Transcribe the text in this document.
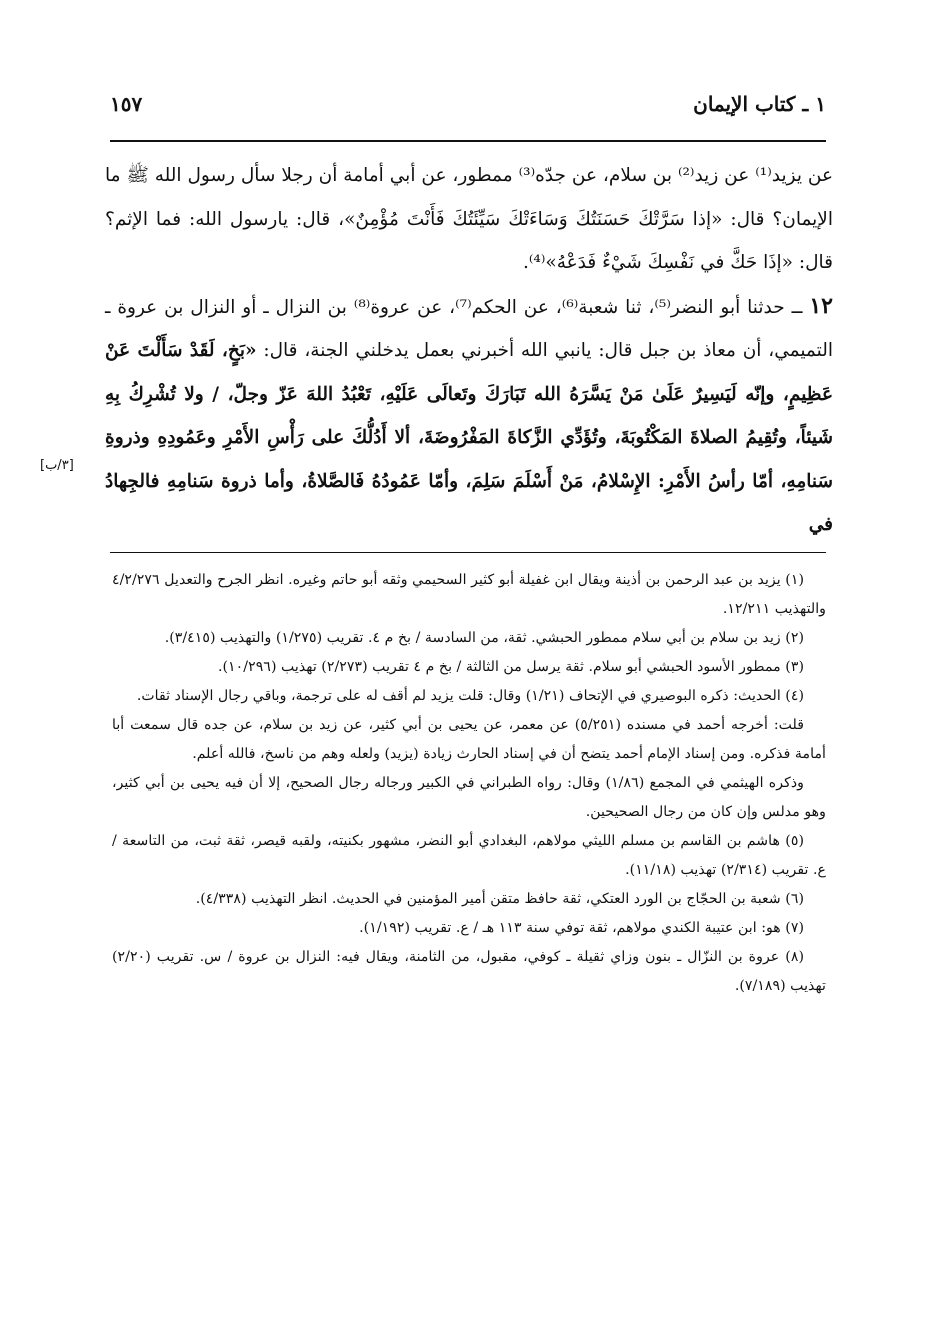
١ ـ كتاب الإيمان
١٥٧

عن يزيد⁽¹⁾ عن زيد⁽²⁾ بن سلام، عن جدّه⁽³⁾ ممطور، عن أبي أمامة أن رجلا سأل رسول الله ﷺ ما الإيمان؟ قال: «إذا سَرَّتْكَ حَسَنَتُكَ وَسَاءَتْكَ سَيِّئَتُكَ فَأَنْتَ مُؤْمِنٌ»، قال: يارسول الله: فما الإثم؟ قال: «إذَا حَكَّ في نَفْسِكَ شَيْءٌ فَدَعْهُ»⁽⁴⁾.

١٢ ــ حدثنا أبو النضر⁽⁵⁾، ثنا شعبة⁽⁶⁾، عن الحكم⁽⁷⁾، عن عروة⁽⁸⁾ بن النزال ـ أو النزال بن عروة ـ التميمي، أن معاذ بن جبل قال: يانبي الله أخبرني بعمل يدخلني الجنة، قال: «بَخٍ، لَقَدْ سَأَلْتَ عَنْ عَظِيمٍ، وإنّه لَيَسِيرٌ عَلَىٰ مَنْ يَسَّرَهُ الله تَبَارَكَ وتَعالَى عَلَيْهِ، تَعْبُدُ اللهَ عَزّ وجلّ، / ولا تُشْرِكُ بِهِ شَيئاً، وتُقِيمُ الصلاةَ المَكْتُوبَةَ، وتُؤَدِّي الزَّكاةَ المَفْرُوضَةَ، ألا أَدُلُّكَ على رَأْسِ الأَمْرِ وعَمُودِهِ وذروةِ سَنامِهِ، أمّا رأسُ الأَمْرِ: الإِسْلامُ، مَنْ أَسْلَمَ سَلِمَ، وأمّا عَمُودُهُ فَالصَّلاةُ، وأما ذروة سَنامِهِ فالجِهادُ في

[٣/ب]

(١) يزيد بن عبد الرحمن بن أذينة ويقال ابن غفيلة أبو كثير السحيمي وثقه أبو حاتم وغيره. انظر الجرح والتعديل ٤/٢/٢٧٦ والتهذيب ١٢/٢١١.

(٢) زيد بن سلام بن أبي سلام ممطور الحبشي. ثقة، من السادسة / بخ م ٤. تقريب (١/٢٧٥) والتهذيب (٣/٤١٥).

(٣) ممطور الأسود الحبشي أبو سلام. ثقة يرسل من الثالثة / بخ م ٤ تقريب (٢/٢٧٣) تهذيب (١٠/٢٩٦).

(٤) الحديث: ذكره البوصيري في الإتحاف (١/٢١) وقال: قلت يزيد لم أقف له على ترجمة، وباقي رجال الإسناد ثقات.

قلت: أخرجه أحمد في مسنده (٥/٢٥١) عن معمر، عن يحيى بن أبي كثير، عن زيد بن سلام، عن جده قال سمعت أبا أمامة فذكره. ومن إسناد الإمام أحمد يتضح أن في إسناد الحارث زيادة (يزيد) ولعله وهم من ناسخ، فالله أعلم.

وذكره الهيثمي في المجمع (١/٨٦) وقال: رواه الطبراني في الكبير ورجاله رجال الصحيح، إلا أن فيه يحيى بن أبي كثير، وهو مدلس وإن كان من رجال الصحيحين.

(٥) هاشم بن القاسم بن مسلم الليثي مولاهم، البغدادي أبو النضر، مشهور بكنيته، ولقبه قيصر، ثقة ثبت، من التاسعة / ع. تقريب (٢/٣١٤) تهذيب (١١/١٨).

(٦) شعبة بن الحجّاج بن الورد العتكي، ثقة حافظ متقن أمير المؤمنين في الحديث. انظر التهذيب (٤/٣٣٨).

(٧) هو: ابن عتيبة الكندي مولاهم، ثقة توفي سنة ١١٣ هـ / ع. تقريب (١/١٩٢).

(٨) عروة بن النزّال ـ بنون وزاي ثقيلة ـ كوفي، مقبول، من الثامنة، ويقال فيه: النزال بن عروة / س. تقريب (٢/٢٠) تهذيب (٧/١٨٩).
